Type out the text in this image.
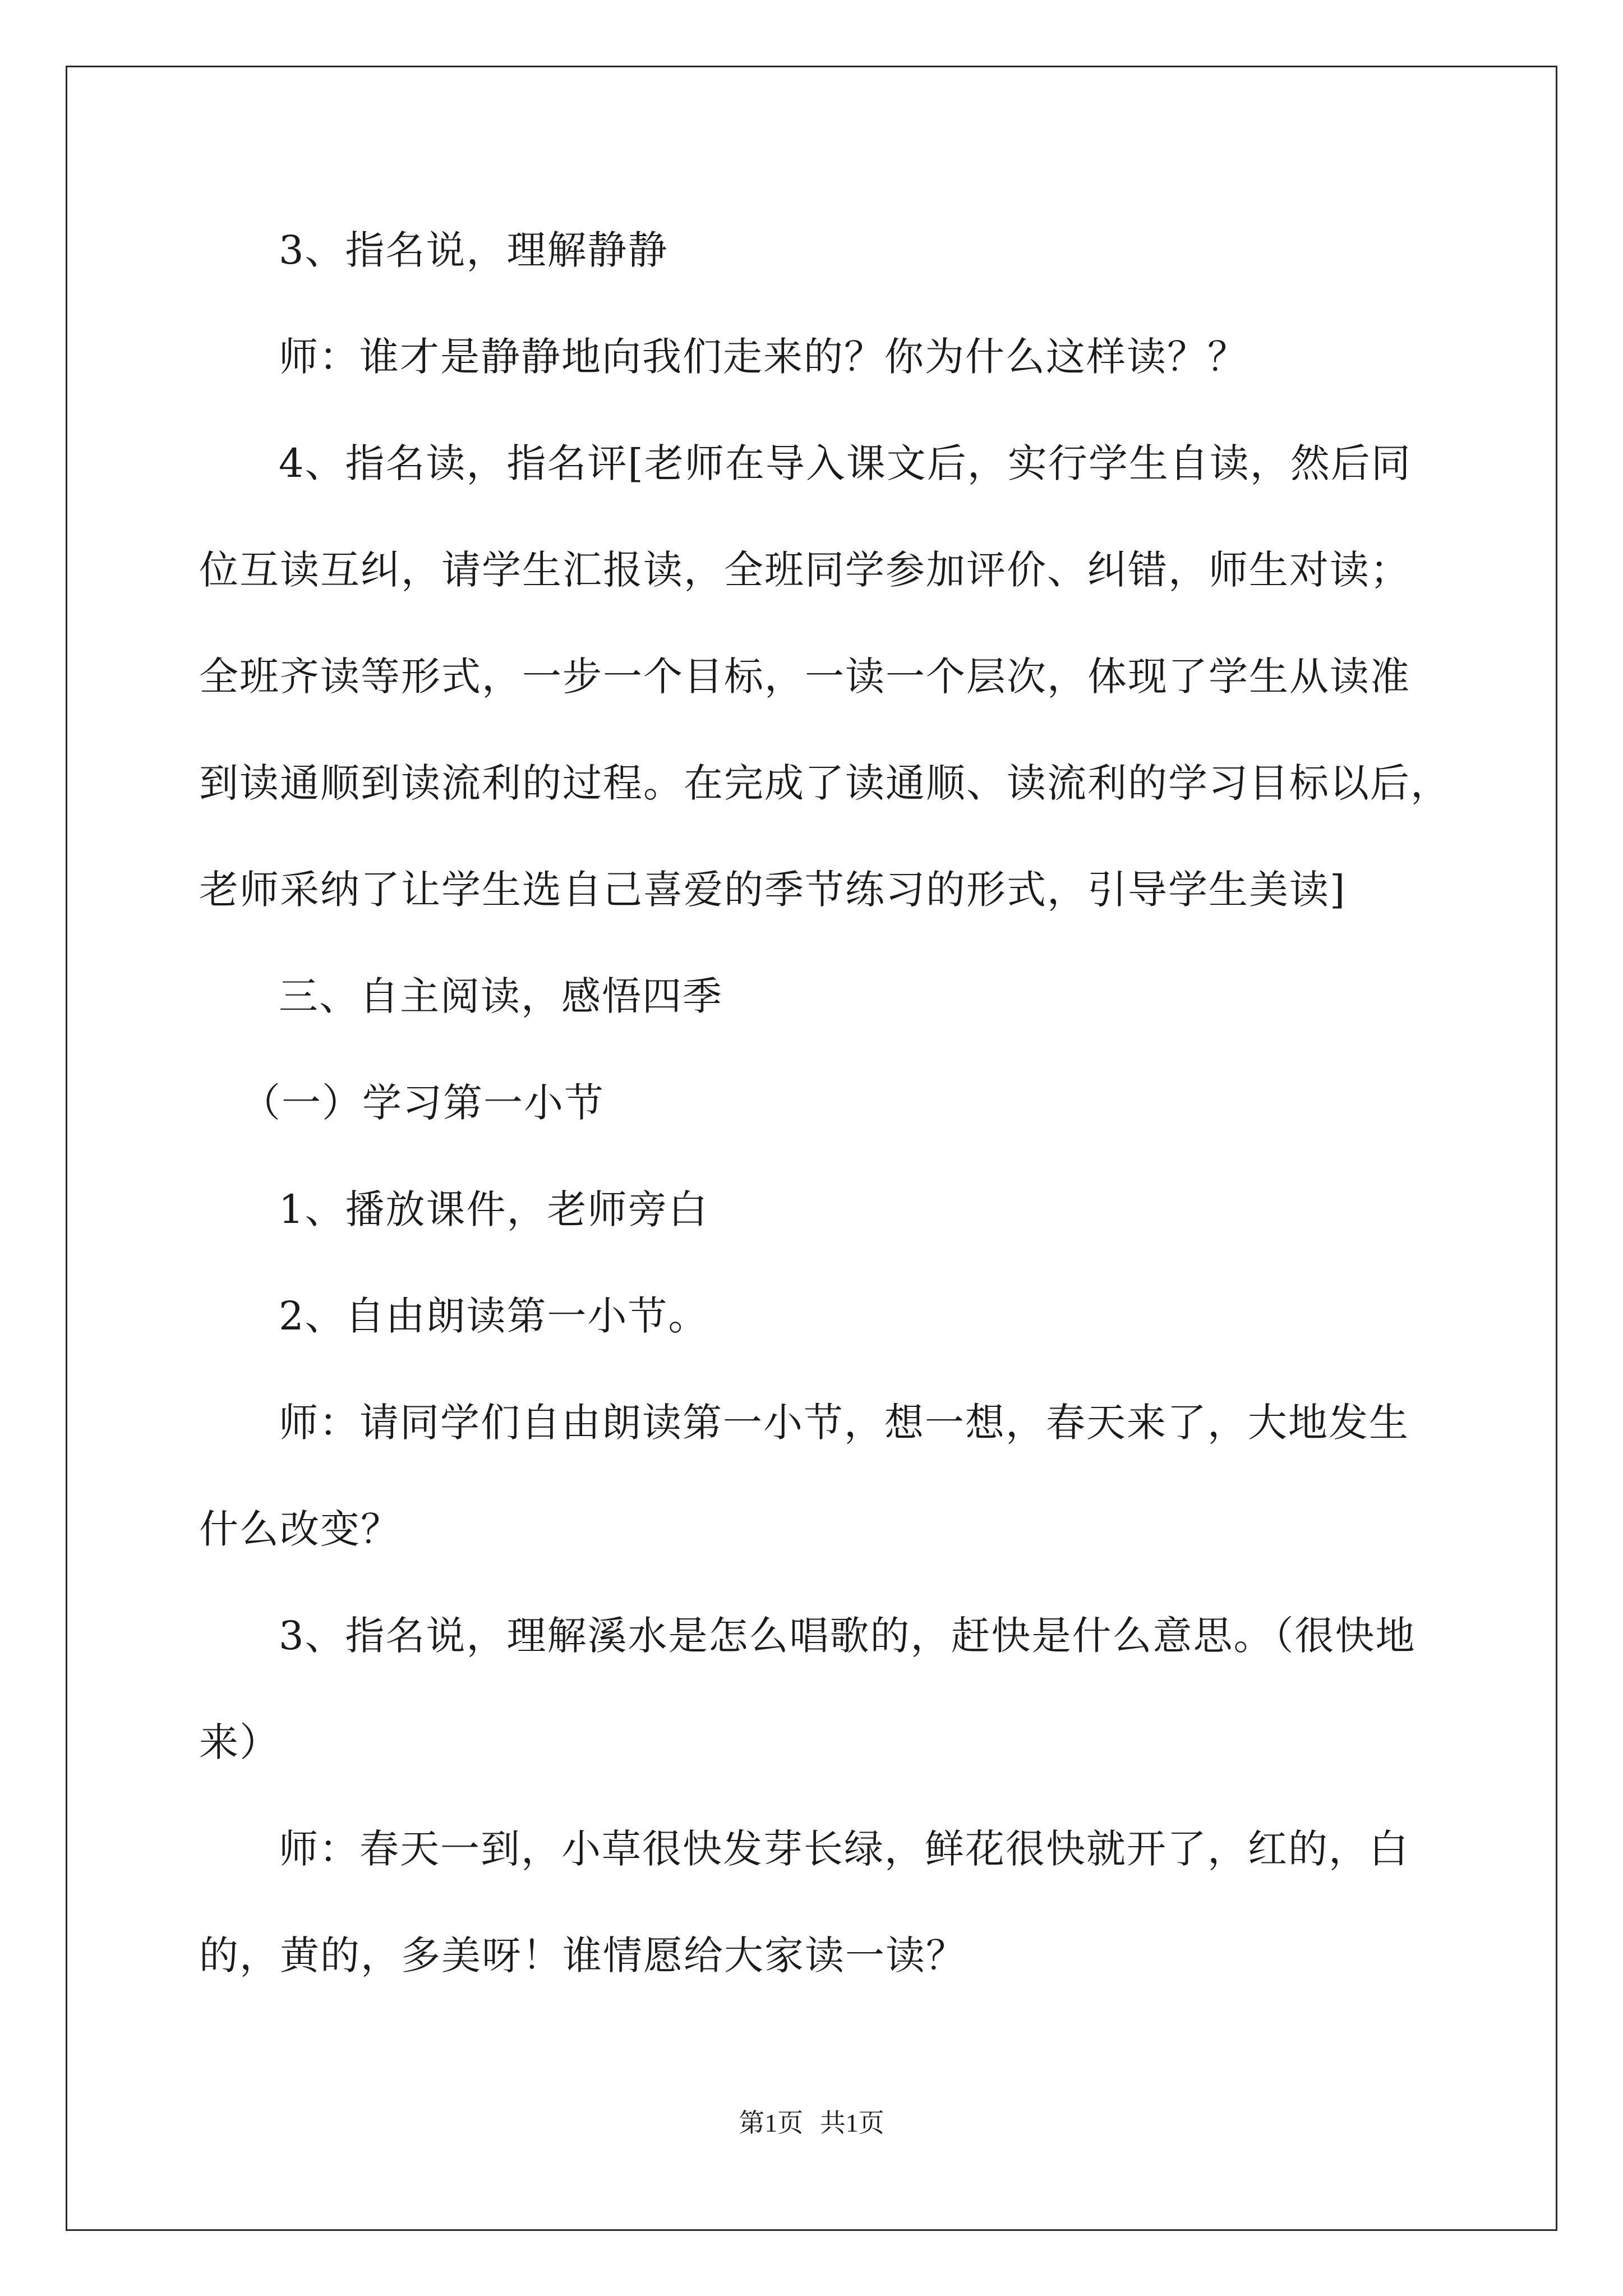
3、指名说，理解静静
师：谁才是静静地向我们走来的？你为什么这样读？？
4、指名读，指名评[老师在导入课文后，实行学生自读，然后同
位互读互纠，请学生汇报读，全班同学参加评价、纠错，师生对读；
全班齐读等形式，一步一个目标，一读一个层次，体现了学生从读准
到读通顺到读流利的过程。在完成了读通顺、读流利的学习目标以后，
老师采纳了让学生选自己喜爱的季节练习的形式，引导学生美读]
三、自主阅读，感悟四季
（一）学习第一小节
1、播放课件，老师旁白
2、自由朗读第一小节。
师：请同学们自由朗读第一小节，想一想，春天来了，大地发生
什么改变？
3、指名说，理解溪水是怎么唱歌的，赶快是什么意思。（很快地
来）
师：春天一到，小草很快发芽长绿，鲜花很快就开了，红的，白
的，黄的，多美呀！谁情愿给大家读一读？
第1页 共1页
